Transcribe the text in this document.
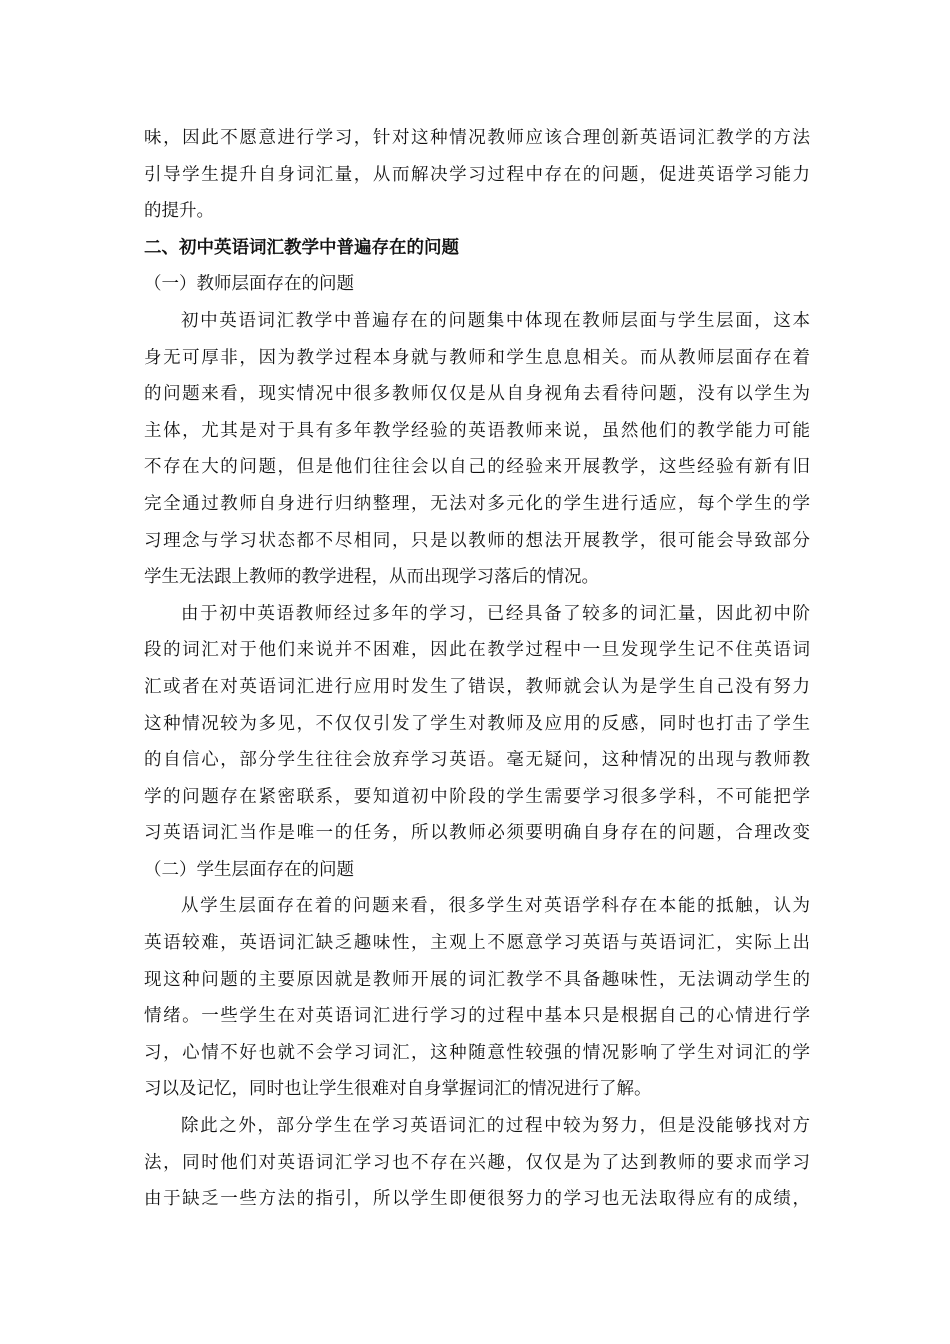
味，因此不愿意进行学习，针对这种情况教师应该合理创新英语词汇教学的方法
引导学生提升自身词汇量，从而解决学习过程中存在的问题，促进英语学习能力
的提升。
二、初中英语词汇教学中普遍存在的问题
（一）教师层面存在的问题
初中英语词汇教学中普遍存在的问题集中体现在教师层面与学生层面，这本
身无可厚非，因为教学过程本身就与教师和学生息息相关。而从教师层面存在着
的问题来看，现实情况中很多教师仅仅是从自身视角去看待问题，没有以学生为
主体，尤其是对于具有多年教学经验的英语教师来说，虽然他们的教学能力可能
不存在大的问题，但是他们往往会以自己的经验来开展教学，这些经验有新有旧
完全通过教师自身进行归纳整理，无法对多元化的学生进行适应，每个学生的学
习理念与学习状态都不尽相同，只是以教师的想法开展教学，很可能会导致部分
学生无法跟上教师的教学进程，从而出现学习落后的情况。
由于初中英语教师经过多年的学习，已经具备了较多的词汇量，因此初中阶
段的词汇对于他们来说并不困难，因此在教学过程中一旦发现学生记不住英语词
汇或者在对英语词汇进行应用时发生了错误，教师就会认为是学生自己没有努力
这种情况较为多见，不仅仅引发了学生对教师及应用的反感，同时也打击了学生
的自信心，部分学生往往会放弃学习英语。毫无疑问，这种情况的出现与教师教
学的问题存在紧密联系，要知道初中阶段的学生需要学习很多学科，不可能把学
习英语词汇当作是唯一的任务，所以教师必须要明确自身存在的问题，合理改变
（二）学生层面存在的问题
从学生层面存在着的问题来看，很多学生对英语学科存在本能的抵触，认为
英语较难，英语词汇缺乏趣味性，主观上不愿意学习英语与英语词汇，实际上出
现这种问题的主要原因就是教师开展的词汇教学不具备趣味性，无法调动学生的
情绪。一些学生在对英语词汇进行学习的过程中基本只是根据自己的心情进行学
习，心情不好也就不会学习词汇，这种随意性较强的情况影响了学生对词汇的学
习以及记忆，同时也让学生很难对自身掌握词汇的情况进行了解。
除此之外，部分学生在学习英语词汇的过程中较为努力，但是没能够找对方
法，同时他们对英语词汇学习也不存在兴趣，仅仅是为了达到教师的要求而学习
由于缺乏一些方法的指引，所以学生即便很努力的学习也无法取得应有的成绩，
